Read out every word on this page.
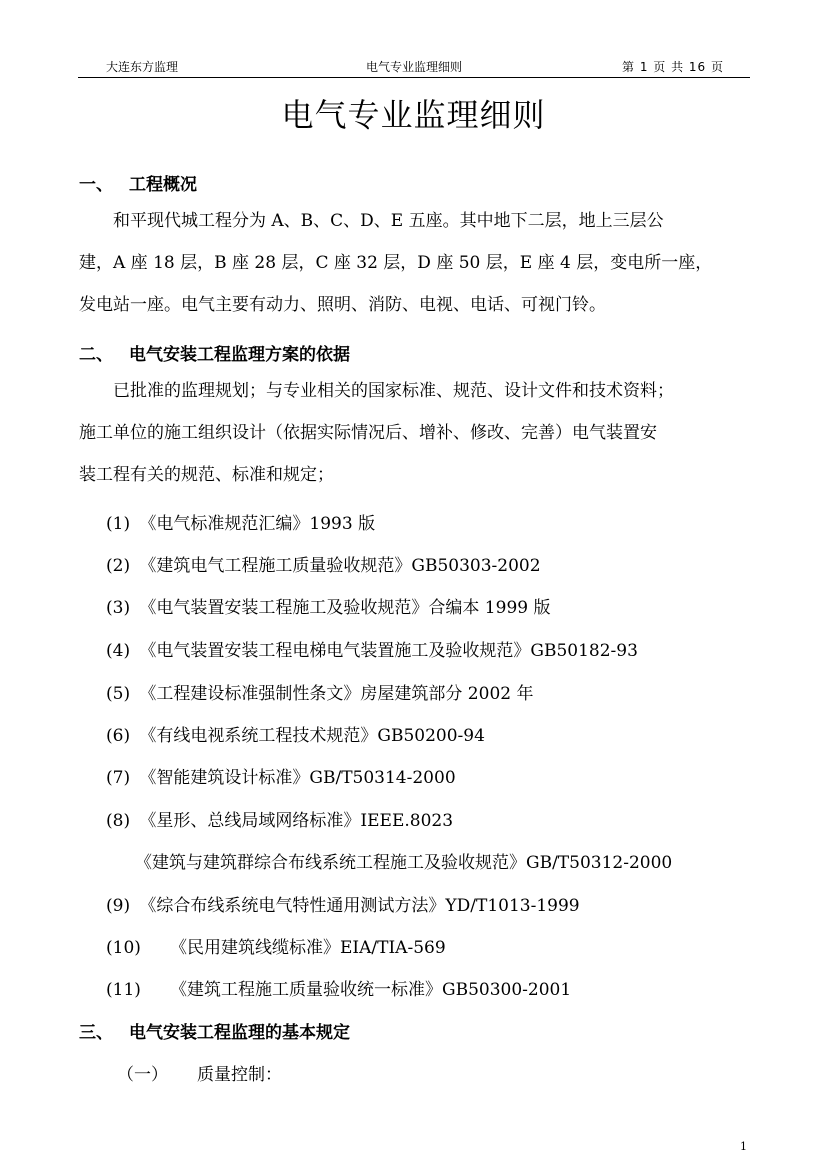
大连东方监理	电气专业监理细则	第 1 页 共 16 页
电气专业监理细则
一、 工程概况
和平现代城工程分为 A、B、C、D、E 五座。其中地下二层，地上三层公
建，A 座 18 层，B 座 28 层，C 座 32 层，D 座 50 层，E 座 4 层，变电所一座，
发电站一座。电气主要有动力、照明、消防、电视、电话、可视门铃。
二、 电气安装工程监理方案的依据
已批准的监理规划；与专业相关的国家标准、规范、设计文件和技术资料；
施工单位的施工组织设计（依据实际情况后、增补、修改、完善）电气装置安
装工程有关的规范、标准和规定；
(1) 《电气标准规范汇编》1993 版
(2) 《建筑电气工程施工质量验收规范》GB50303-2002
(3) 《电气装置安装工程施工及验收规范》合编本 1999 版
(4) 《电气装置安装工程电梯电气装置施工及验收规范》GB50182-93
(5) 《工程建设标准强制性条文》房屋建筑部分 2002 年
(6) 《有线电视系统工程技术规范》GB50200-94
(7) 《智能建筑设计标准》GB/T50314-2000
(8) 《星形、总线局域网络标准》IEEE.8023
《建筑与建筑群综合布线系统工程施工及验收规范》GB/T50312-2000
(9) 《综合布线系统电气特性通用测试方法》YD/T1013-1999
(10) 《民用建筑线缆标准》EIA/TIA-569
(11) 《建筑工程施工质量验收统一标准》GB50300-2001
三、 电气安装工程监理的基本规定
（一） 质量控制：
1
